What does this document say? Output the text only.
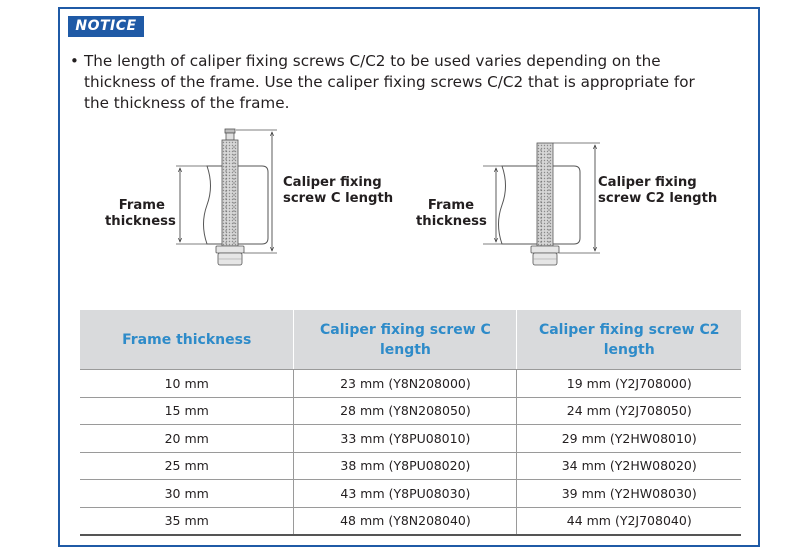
NOTICE
• The length of caliper fixing screws C/C2 to be used varies depending on the thickness of the frame. Use the caliper fixing screws C/C2 that is appropriate for the thickness of the frame.
Frame
thickness
Caliper fixing
screw C length	Frame
thickness
Caliper fixing
screw C2 length
Frame thickness	Caliper fixing screw C length	Caliper fixing screw C2 length
10 mm	23 mm (Y8N208000)	19 mm (Y2J708000)
15 mm	28 mm (Y8N208050)	24 mm (Y2J708050)
20 mm	33 mm (Y8PU08010)	29 mm (Y2HW08010)
25 mm	38 mm (Y8PU08020)	34 mm (Y2HW08020)
30 mm	43 mm (Y8PU08030)	39 mm (Y2HW08030)
35 mm	48 mm (Y8N208040)	44 mm (Y2J708040)
